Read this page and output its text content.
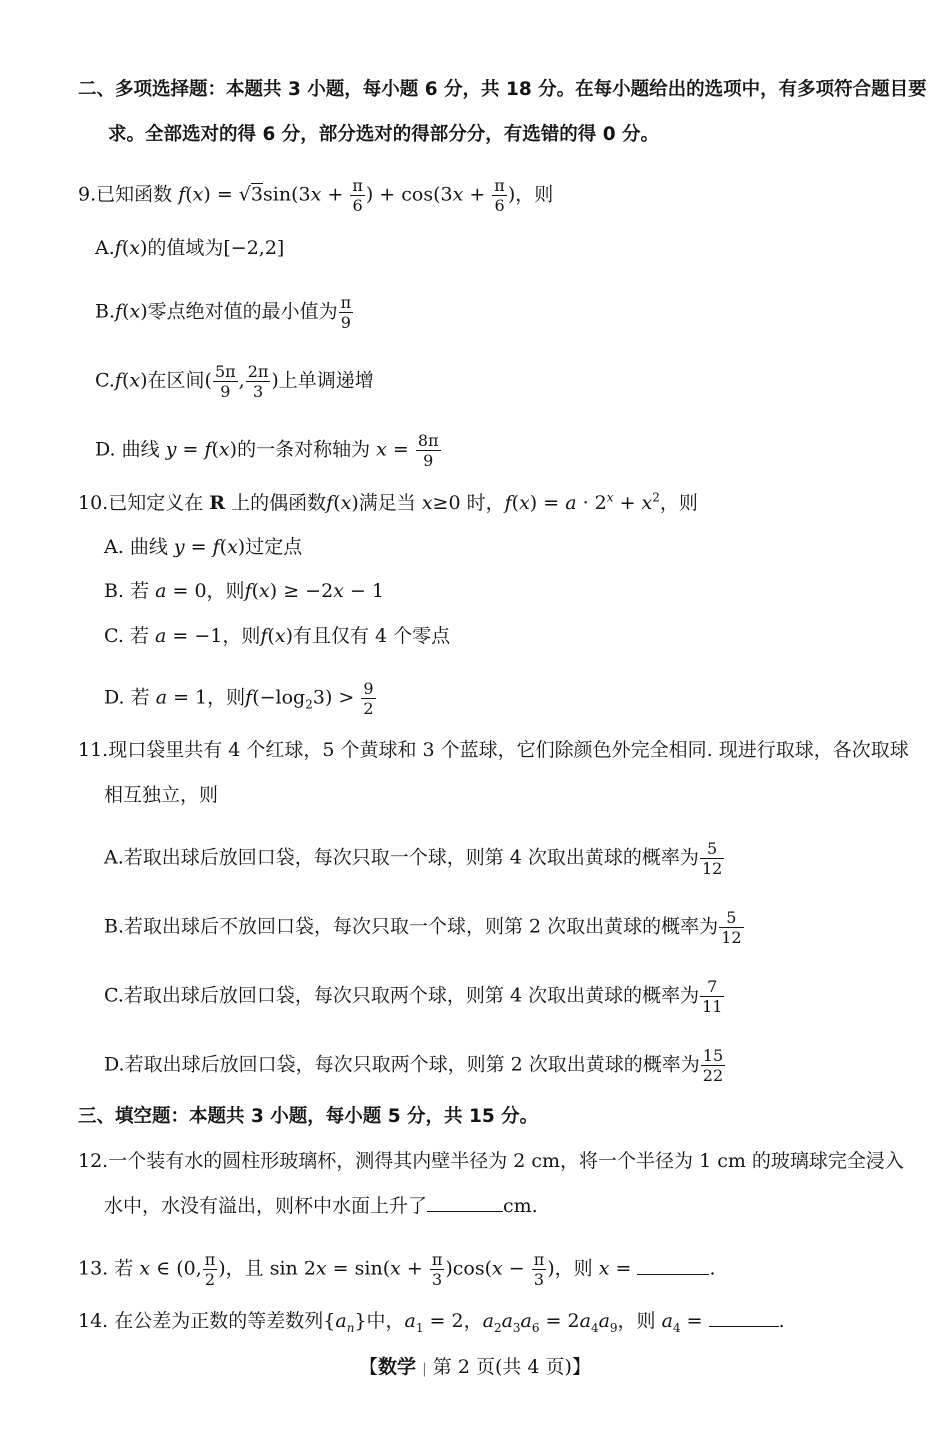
二、多项选择题：本题共 3 小题，每小题 6 分，共 18 分。在每小题给出的选项中，有多项符合题目要
求。全部选对的得 6 分，部分选对的得部分分，有选错的得 0 分。
9.已知函数 $f(x) = √3\sin(3x + \frac{\pi}{6}$ ) + $\cos(3x + \frac{\pi}{6}$ )，则
A.f(x)的值域为[−2,2]
B.f(x)零点绝对值的最小值为 $\frac{\pi}{9}$
C.f(x)在区间( $\frac{5\pi}{9}$ , $\frac{2\pi}{3}$ )上单调递增
D. 曲线 y = f(x)的一条对称轴为 $x = \frac{8\pi}{9}$
10.已知定义在 R 上的偶函数f(x)满足当 x≥0 时，$f(x) = a \cdot 2^x + x^2$，则
A. 曲线 y = f(x)过定点
B. 若 a = 0，则f(x) ≥ −2x − 1
C. 若 a = −1，则f(x)有且仅有 4 个零点
D. 若 a = 1，则$f(-\log_23) > \frac{9}{2}$
11.现口袋里共有 4 个红球，5 个黄球和 3 个蓝球，它们除颜色外完全相同. 现进行取球，各次取球
相互独立，则
A.若取出球后放回口袋，每次只取一个球，则第 4 次取出黄球的概率为 $\frac{5}{12}$
B.若取出球后不放回口袋，每次只取一个球，则第 2 次取出黄球的概率为 $\frac{5}{12}$
C.若取出球后放回口袋，每次只取两个球，则第 4 次取出黄球的概率为 $\frac{7}{11}$
D.若取出球后放回口袋，每次只取两个球，则第 2 次取出黄球的概率为 $\frac{15}{22}$
三、填空题：本题共 3 小题，每小题 5 分，共 15 分。
12.一个装有水的圆柱形玻璃杯，测得其内壁半径为 2 cm，将一个半径为 1 cm 的玻璃球完全浸入
水中，水没有溢出，则杯中水面上升了	cm.
13. 若 x ∈ (0, $\frac{\pi}{2}$ )，且 $\sin 2x = \sin(x + \frac{\pi}{3} )\cos(x - \frac{\pi}{3}$ )，则 x =	.
14. 在公差为正数的等差数列$\{a_n\}$中，$a_1 = 2$，$a_2a_3a_6 = 2a_4a_9$，则 $a_4$ =	.
【数学 | 第 2 页(共 4 页)】
